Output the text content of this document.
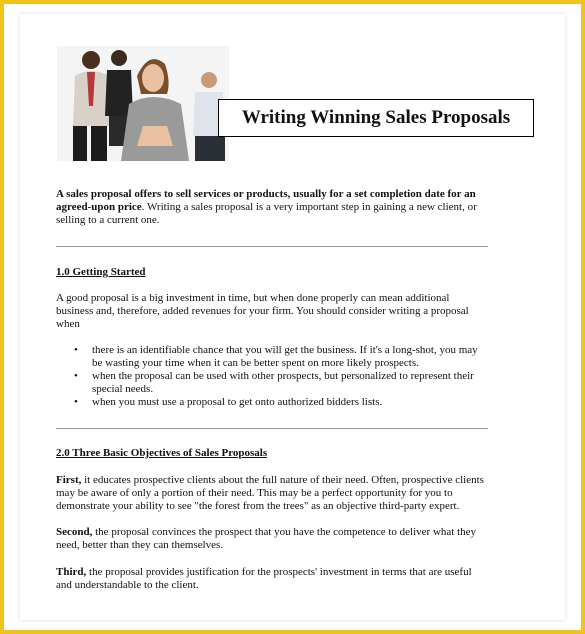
Writing Winning Sales Proposals
A sales proposal offers to sell services or products, usually for a set completion date for an agreed-upon price. Writing a sales proposal is a very important step in gaining a new client, or selling to a current one.
1.0 Getting Started
A good proposal is a big investment in time, but when done properly can mean additional business and, therefore, added revenues for your firm. You should consider writing a proposal when
• there is an identifiable chance that you will get the business. If it's a long-shot, you may be wasting your time when it can be better spent on more likely prospects.
• when the proposal can be used with other prospects, but personalized to represent their special needs.
• when you must use a proposal to get onto authorized bidders lists.
2.0 Three Basic Objectives of Sales Proposals
First, it educates prospective clients about the full nature of their need. Often, prospective clients may be aware of only a portion of their need. This may be a perfect opportunity for you to demonstrate your ability to see "the forest from the trees" as an objective third-party expert.
Second, the proposal convinces the prospect that you have the competence to deliver what they need, better than they can themselves.
Third, the proposal provides justification for the prospects' investment in terms that are useful and understandable to the client.
